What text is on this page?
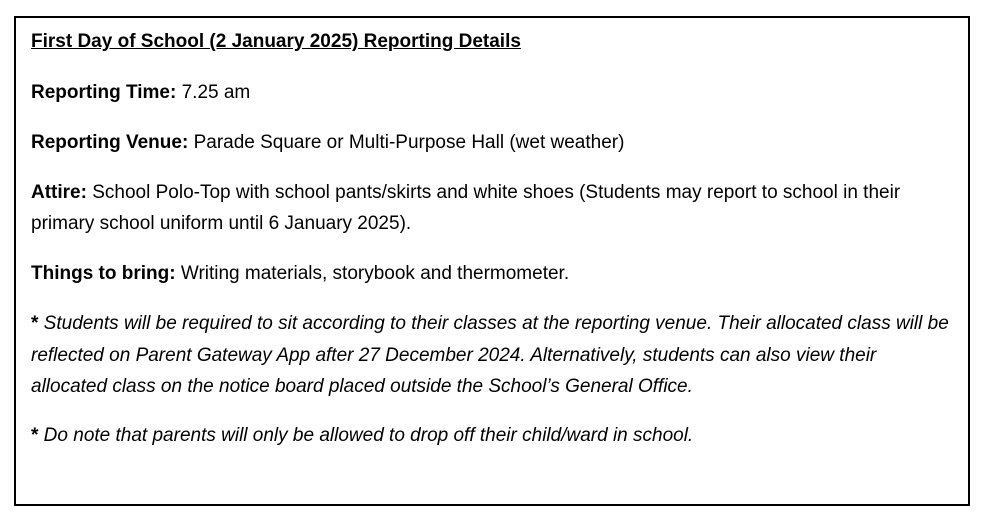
First Day of School (2 January 2025) Reporting Details

Reporting Time: 7.25 am

Reporting Venue: Parade Square or Multi-Purpose Hall (wet weather)

Attire: School Polo-Top with school pants/skirts and white shoes (Students may report to school in their primary school uniform until 6 January 2025).

Things to bring: Writing materials, storybook and thermometer.

* Students will be required to sit according to their classes at the reporting venue. Their allocated class will be reflected on Parent Gateway App after 27 December 2024. Alternatively, students can also view their allocated class on the notice board placed outside the School’s General Office.

* Do note that parents will only be allowed to drop off their child/ward in school.
